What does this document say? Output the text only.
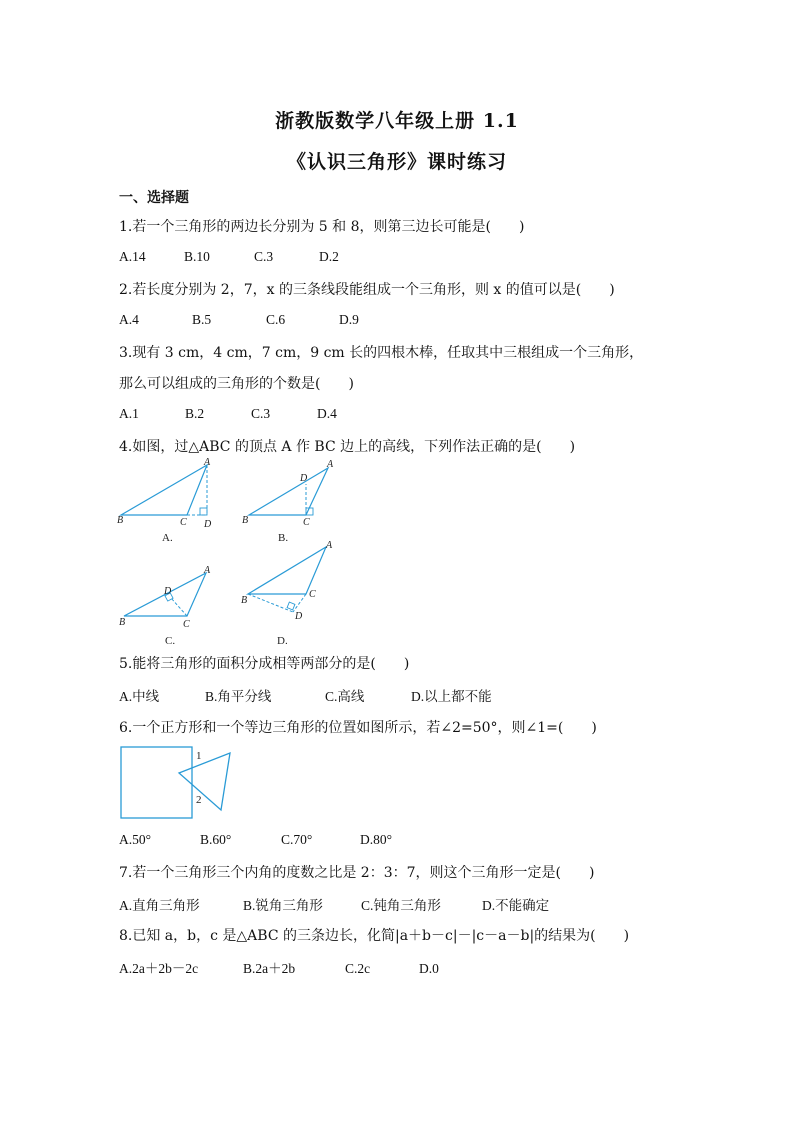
浙教版数学八年级上册 1.1
《认识三角形》课时练习
一、选择题
1.若一个三角形的两边长分别为 5 和 8，则第三边长可能是(　　)
A.14	B.10	C.3	D.2
2.若长度分别为 2，7，x 的三条线段能组成一个三角形，则 x 的值可以是(　　)
A.4	B.5	C.6	D.9
3.现有 3 cm，4 cm，7 cm，9 cm 长的四根木棒，任取其中三根组成一个三角形，
那么可以组成的三角形的个数是(　　)
A.1	B.2	C.3	D.4
4.如图，过△ABC 的顶点 A 作 BC 边上的高线，下列作法正确的是(　　)
A
B	C D
A.
A
D
B	C
B.
A
D
B	C
C.
A
B
C
D
D.
5.能将三角形的面积分成相等两部分的是(　　)
A.中线	B.角平分线	C.高线	D.以上都不能
6.一个正方形和一个等边三角形的位置如图所示，若∠2=50°，则∠1=(　　)
1
2
A.50°	B.60°	C.70°	D.80°
7.若一个三角形三个内角的度数之比是 2：3：7，则这个三角形一定是(　　)
A.直角三角形	B.锐角三角形	C.钝角三角形	D.不能确定
8.已知 a，b，c 是△ABC 的三条边长，化简|a＋b－c|－|c－a－b|的结果为(　　)
A.2a＋2b－2c	B.2a＋2b	C.2c	D.0
